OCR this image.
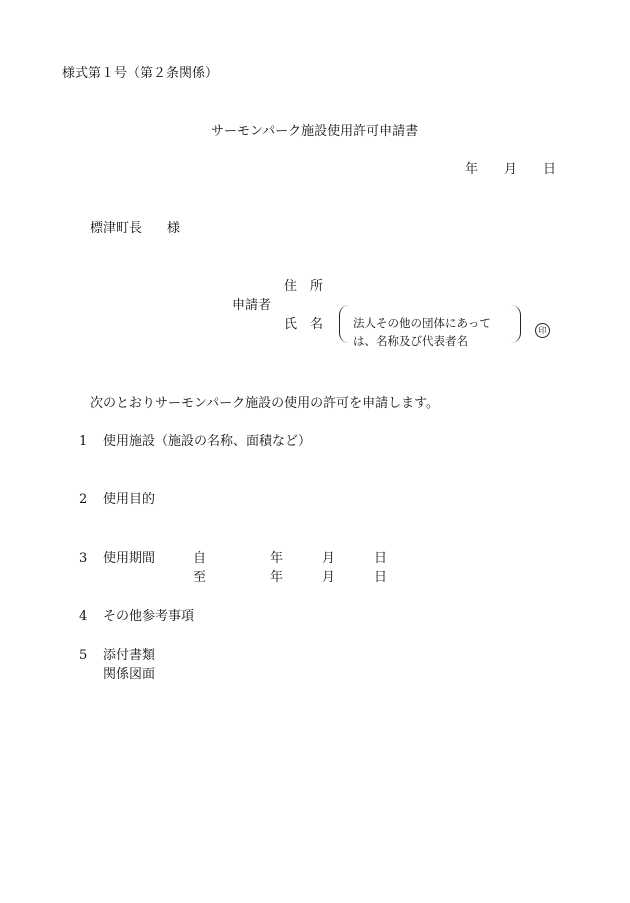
様式第１号（第２条関係）
サーモンパーク施設使用許可申請書
年 月 日
標津町長 様
住　所
申請者
氏　名	法人その他の団体にあっては、名称及び代表者名
印
次のとおりサーモンパーク施設の使用の許可を申請します。
1 使用施設（施設の名称、面積など）
2 使用目的
3 使用期間	自	年	月	日
至	年	月	日
4 その他参考事項
5 添付書類
関係図面
